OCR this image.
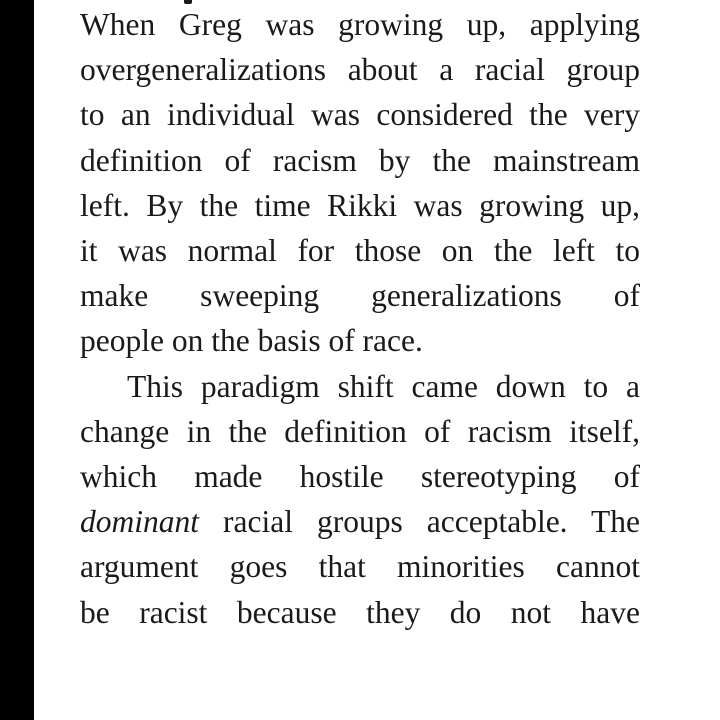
When Greg was growing up, applying
overgeneralizations about a racial group
to an individual was considered the very
definition of racism by the mainstream
left. By the time Rikki was growing up,
it was normal for those on the left to
make sweeping generalizations of
people on the basis of race.
This paradigm shift came down to a
change in the definition of racism itself,
which made hostile stereotyping of
dominant racial groups acceptable. The
argument goes that minorities cannot
be racist because they do not have
